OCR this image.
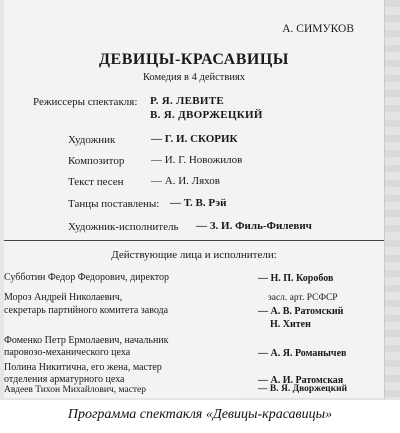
А. СИМУКОВ
ДЕВИЦЫ-КРАСАВИЦЫ
Комедия в 4 действиях
Режиссеры спектакля: Р. Я. ЛЕВИТЕ
В. Я. ДВОРЖЕЦКИЙ
Художник	— Г. И. СКОРИК
Композитор — И. Г. Новожилов
Текст песен — А. И. Ляхов
Танцы поставлены: — Т. В. Рэй
Художник-исполнитель — З. И. Филь-Филевич
Действующие лица и исполнители:
Субботин Федор Федорович, директор	— Н. П. Коробов
Мороз Андрей Николаевич,
секретарь партийного комитета завода
засл. арт. РСФСР
— А. В. Ратомский
Н. Хитен
Фоменко Петр Ермолаевич, начальник
паровозо-механического цеха	— А. Я. Романычев
Полина Никитична, его жена, мастер
отделения арматурного цеха	— А. И. Ратомская
Авдеев Тихон Михайлович, мастер	— В. Я. Дворжецкий
Программа спектакля «Девицы-красавицы»
